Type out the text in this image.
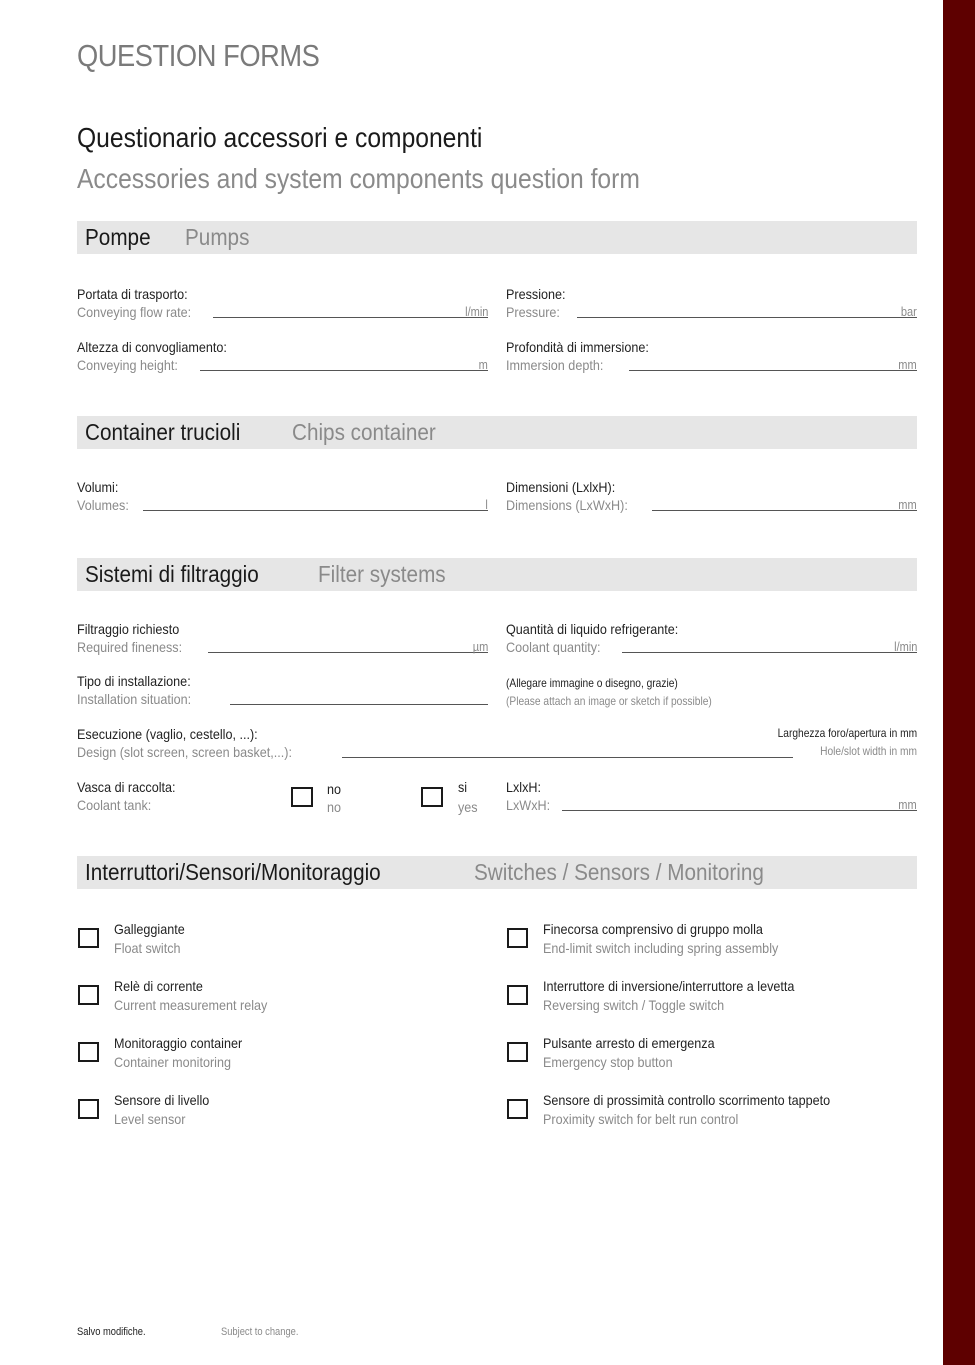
QUESTION FORMS
Questionario accessori e componenti
Accessories and system components question form
Pompe Pumps
Portata di trasporto:
Conveying flow rate:	l/min
Pressione:
Pressure:	bar
Altezza di convogliamento:
Conveying height:	m
Profondità di immersione:
Immersion depth:	mm
Container trucioli Chips container
Volumi:
Volumes:	l
Dimensioni (LxlxH):
Dimensions (LxWxH):	mm
Sistemi di filtraggio	Filter systems
Filtraggio richiesto
Required fineness:	µm
Quantità di liquido refrigerante:
Coolant quantity:	l/min
Tipo di installazione:
Installation situation:
(Allegare immagine o disegno, grazie)
(Please attach an image or sketch if possible)
Esecuzione (vaglio, cestello, ...):
Design (slot screen, screen basket,...):
Larghezza foro/apertura in mm
Hole/slot width in mm
Vasca di raccolta:
Coolant tank:
no
no
si
yes
LxlxH:
LxWxH:	mm
Interruttori/Sensori/Monitoraggio	Switches / Sensors / Monitoring
Galleggiante
Float switch
Relè di corrente
Current measurement relay
Monitoraggio container
Container monitoring
Sensore di livello
Level sensor
Finecorsa comprensivo di gruppo molla
End-limit switch including spring assembly
Interruttore di inversione/interruttore a levetta
Reversing switch / Toggle switch
Pulsante arresto di emergenza
Emergency stop button
Sensore di prossimità controllo scorrimento tappeto
Proximity switch for belt run control
Salvo modifiche.	Subject to change.
